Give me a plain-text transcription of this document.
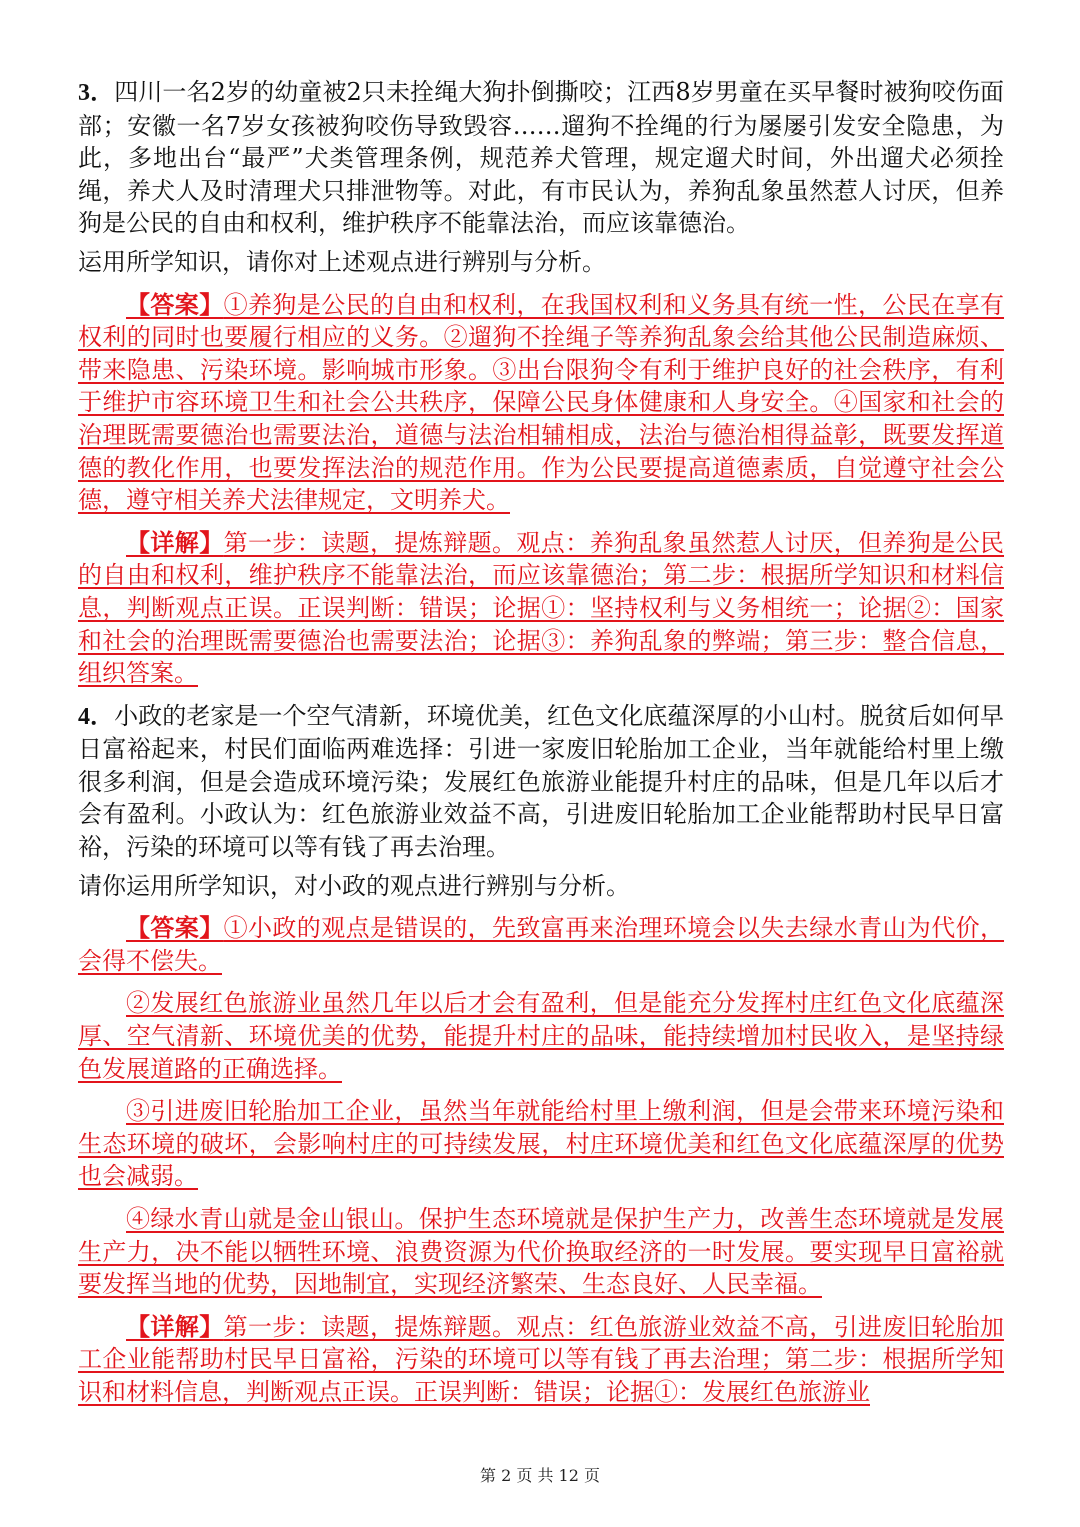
3．四川一名2岁的幼童被2只未拴绳大狗扑倒撕咬；江西8岁男童在买早餐时被狗咬伤面部；安徽一名7岁女孩被狗咬伤导致毁容……遛狗不拴绳的行为屡屡引发安全隐患，为此，多地出台“最严”犬类管理条例，规范养犬管理，规定遛犬时间，外出遛犬必须拴绳，养犬人及时清理犬只排泄物等。对此，有市民认为，养狗乱象虽然惹人讨厌，但养狗是公民的自由和权利，维护秩序不能靠法治，而应该靠德治。

运用所学知识，请你对上述观点进行辨别与分析。

【答案】①养狗是公民的自由和权利，在我国权利和义务具有统一性，公民在享有权利的同时也要履行相应的义务。②遛狗不拴绳子等养狗乱象会给其他公民制造麻烦、带来隐患、污染环境。影响城市形象。③出台限狗令有利于维护良好的社会秩序，有利于维护市容环境卫生和社会公共秩序，保障公民身体健康和人身安全。④国家和社会的治理既需要德治也需要法治，道德与法治相辅相成，法治与德治相得益彰，既要发挥道德的教化作用，也要发挥法治的规范作用。作为公民要提高道德素质，自觉遵守社会公德，遵守相关养犬法律规定，文明养犬。

【详解】第一步：读题，提炼辩题。观点：养狗乱象虽然惹人讨厌，但养狗是公民的自由和权利，维护秩序不能靠法治，而应该靠德治；第二步：根据所学知识和材料信息，判断观点正误。正误判断：错误；论据①：坚持权利与义务相统一；论据②：国家和社会的治理既需要德治也需要法治；论据③：养狗乱象的弊端；第三步：整合信息，组织答案。

4．小政的老家是一个空气清新，环境优美，红色文化底蕴深厚的小山村。脱贫后如何早日富裕起来，村民们面临两难选择：引进一家废旧轮胎加工企业，当年就能给村里上缴很多利润，但是会造成环境污染；发展红色旅游业能提升村庄的品味，但是几年以后才会有盈利。小政认为：红色旅游业效益不高，引进废旧轮胎加工企业能帮助村民早日富裕，污染的环境可以等有钱了再去治理。

请你运用所学知识，对小政的观点进行辨别与分析。

【答案】①小政的观点是错误的，先致富再来治理环境会以失去绿水青山为代价，会得不偿失。

②发展红色旅游业虽然几年以后才会有盈利，但是能充分发挥村庄红色文化底蕴深厚、空气清新、环境优美的优势，能提升村庄的品味，能持续增加村民收入，是坚持绿色发展道路的正确选择。

③引进废旧轮胎加工企业，虽然当年就能给村里上缴利润，但是会带来环境污染和生态环境的破坏，会影响村庄的可持续发展，村庄环境优美和红色文化底蕴深厚的优势也会减弱。

④绿水青山就是金山银山。保护生态环境就是保护生产力，改善生态环境就是发展生产力，决不能以牺牲环境、浪费资源为代价换取经济的一时发展。要实现早日富裕就要发挥当地的优势，因地制宜，实现经济繁荣、生态良好、人民幸福。

【详解】第一步：读题，提炼辩题。观点：红色旅游业效益不高，引进废旧轮胎加工企业能帮助村民早日富裕，污染的环境可以等有钱了再去治理；第二步：根据所学知识和材料信息，判断观点正误。正误判断：错误；论据①：发展红色旅游业

第 2 页 共 12 页
